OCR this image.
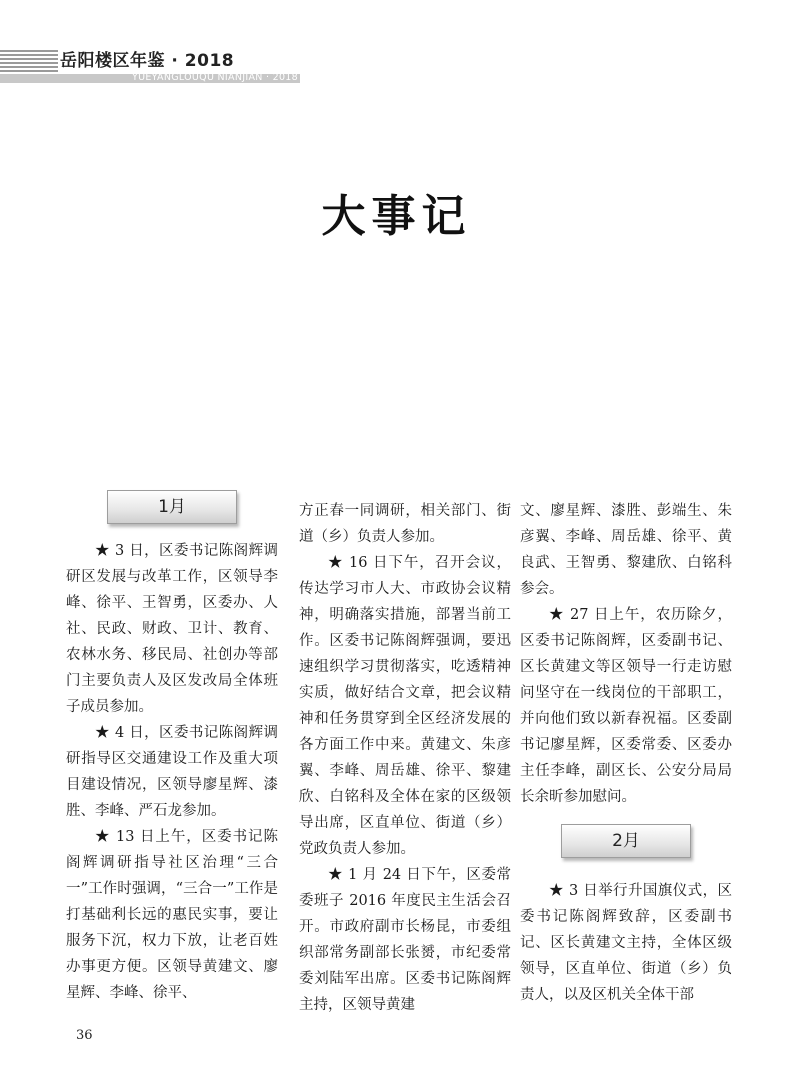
岳阳楼区年鉴 · 2018
YUEYANGLOUQU NIANJIAN · 2018
大事记
1月

★ 3 日，区委书记陈阁辉调研区发展与改革工作，区领导李峰、徐平、王智勇，区委办、人社、民政、财政、卫计、教育、农林水务、移民局、社创办等部门主要负责人及区发改局全体班子成员参加。

★ 4 日，区委书记陈阁辉调研指导区交通建设工作及重大项目建设情况，区领导廖星辉、漆胜、李峰、严石龙参加。

★ 13 日上午，区委书记陈阁辉调研指导社区治理“三合一”工作时强调，“三合一”工作是打基础利长远的惠民实事，要让服务下沉，权力下放，让老百姓办事更方便。区领导黄建文、廖星辉、李峰、徐平、

方正春一同调研，相关部门、街道（乡）负责人参加。

★ 16 日下午，召开会议，传达学习市人大、市政协会议精神，明确落实措施，部署当前工作。区委书记陈阁辉强调，要迅速组织学习贯彻落实，吃透精神实质，做好结合文章，把会议精神和任务贯穿到全区经济发展的各方面工作中来。黄建文、朱彦翼、李峰、周岳雄、徐平、黎建欣、白铭科及全体在家的区级领导出席，区直单位、街道（乡）党政负责人参加。

★ 1 月 24 日下午，区委常委班子 2016 年度民主生活会召开。市政府副市长杨昆，市委组织部常务副部长张赟，市纪委常委刘陆军出席。区委书记陈阁辉主持，区领导黄建

文、廖星辉、漆胜、彭端生、朱彦翼、李峰、周岳雄、徐平、黄良武、王智勇、黎建欣、白铭科参会。

★ 27 日上午，农历除夕，区委书记陈阁辉，区委副书记、区长黄建文等区领导一行走访慰问坚守在一线岗位的干部职工，并向他们致以新春祝福。区委副书记廖星辉，区委常委、区委办主任李峰，副区长、公安分局局长余昕参加慰问。

2月

★ 3 日举行升国旗仪式，区委书记陈阁辉致辞，区委副书记、区长黄建文主持，全体区级领导，区直单位、街道（乡）负责人，以及区机关全体干部

36
